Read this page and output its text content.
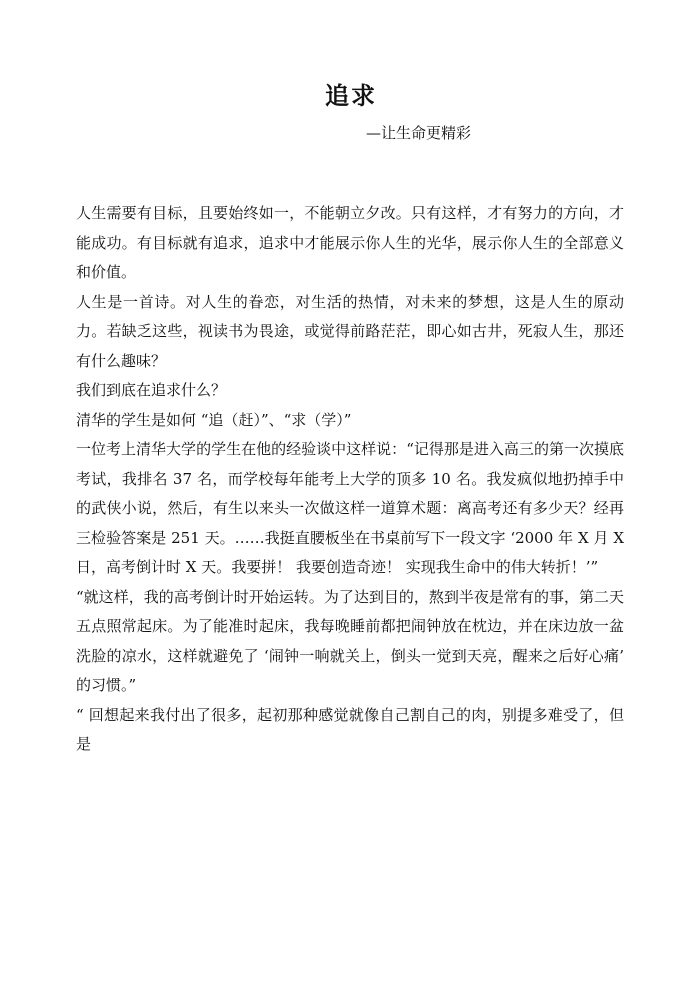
追求
—让生命更精彩

人生需要有目标，且要始终如一，不能朝立夕改。只有这样，才有努力的方向，才能成功。有目标就有追求，追求中才能展示你人生的光华，展示你人生的全部意义和价值。

人生是一首诗。对人生的眷恋，对生活的热情，对未来的梦想，这是人生的原动力。若缺乏这些，视读书为畏途，或觉得前路茫茫，即心如古井，死寂人生，那还有什么趣味？

我们到底在追求什么？

清华的学生是如何 “追（赶）”、“求（学）”

一位考上清华大学的学生在他的经验谈中这样说：“记得那是进入高三的第一次摸底考试，我排名 37 名，而学校每年能考上大学的顶多 10 名。我发疯似地扔掉手中的武侠小说，然后，有生以来头一次做这样一道算术题：离高考还有多少天？经再三检验答案是 251 天。……我挺直腰板坐在书桌前写下一段文字 ‘2000 年 X 月 X 日，高考倒计时 X 天。我要拼！ 我要创造奇迹！ 实现我生命中的伟大转折！’”

“就这样，我的高考倒计时开始运转。为了达到目的，熬到半夜是常有的事，第二天五点照常起床。为了能准时起床，我每晚睡前都把闹钟放在枕边，并在床边放一盆洗脸的凉水，这样就避免了 ‘闹钟一响就关上，倒头一觉到天亮，醒来之后好心痛’ 的习惯。”

“ 回想起来我付出了很多，起初那种感觉就像自己割自己的肉，别提多难受了，但是
